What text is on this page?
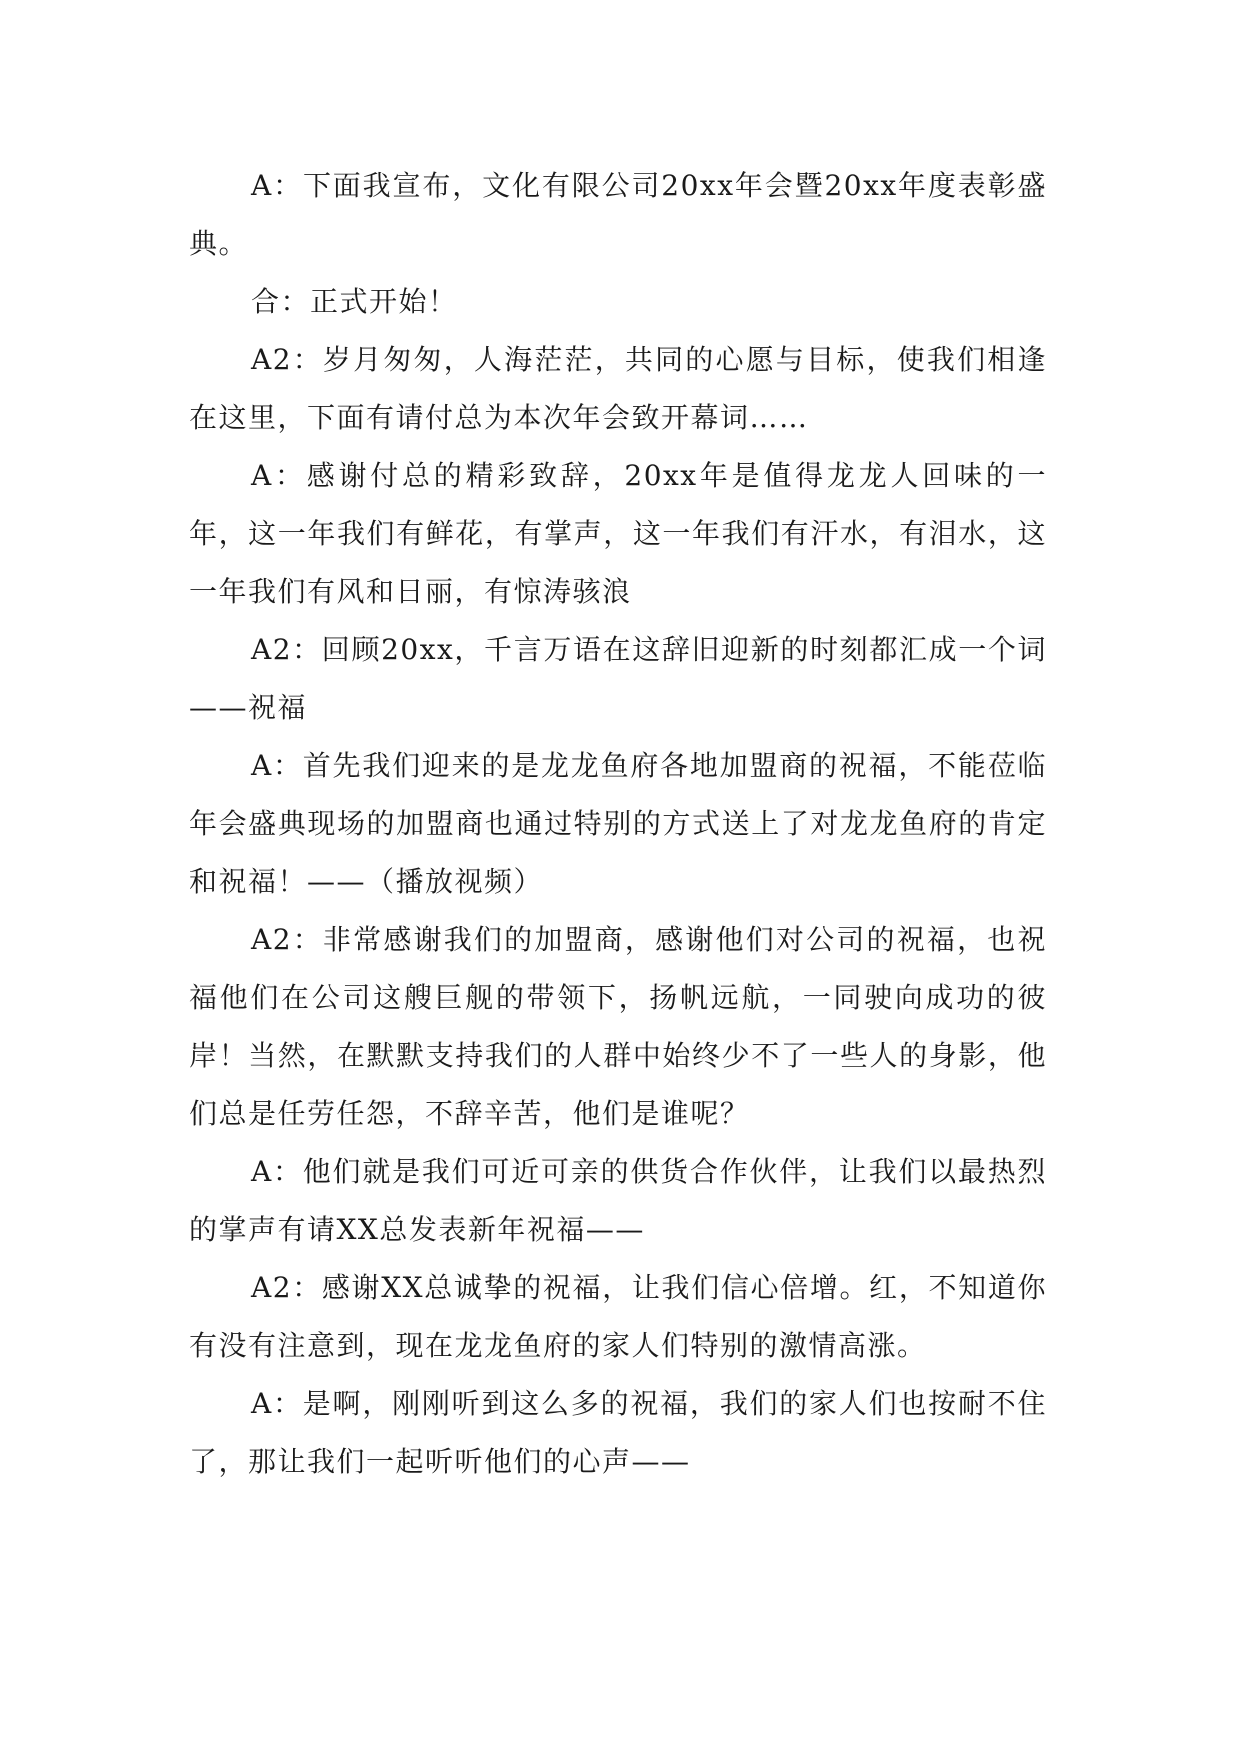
A：下面我宣布，文化有限公司20xx年会暨20xx年度表彰盛典。

合：正式开始！

A2：岁月匆匆，人海茫茫，共同的心愿与目标，使我们相逢在这里，下面有请付总为本次年会致开幕词……

A：感谢付总的精彩致辞，20xx年是值得龙龙人回味的一年，这一年我们有鲜花，有掌声，这一年我们有汗水，有泪水，这一年我们有风和日丽，有惊涛骇浪

A2：回顾20xx，千言万语在这辞旧迎新的时刻都汇成一个词——祝福

A：首先我们迎来的是龙龙鱼府各地加盟商的祝福，不能莅临年会盛典现场的加盟商也通过特别的方式送上了对龙龙鱼府的肯定和祝福！——（播放视频）

A2：非常感谢我们的加盟商，感谢他们对公司的祝福，也祝福他们在公司这艘巨舰的带领下，扬帆远航，一同驶向成功的彼岸！当然，在默默支持我们的人群中始终少不了一些人的身影，他们总是任劳任怨，不辞辛苦，他们是谁呢？

A：他们就是我们可近可亲的供货合作伙伴，让我们以最热烈的掌声有请XX总发表新年祝福——

A2：感谢XX总诚挚的祝福，让我们信心倍增。红，不知道你有没有注意到，现在龙龙鱼府的家人们特别的激情高涨。

A：是啊，刚刚听到这么多的祝福，我们的家人们也按耐不住了，那让我们一起听听他们的心声——
